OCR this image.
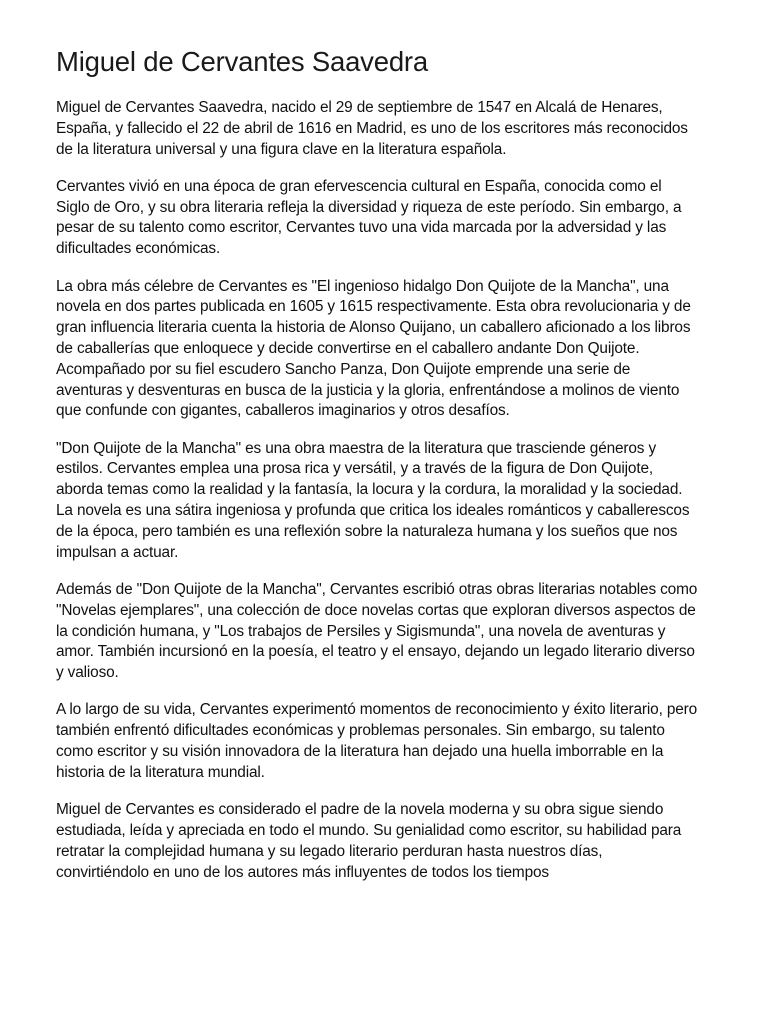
Miguel de Cervantes Saavedra

Miguel de Cervantes Saavedra, nacido el 29 de septiembre de 1547 en Alcalá de Henares, España, y fallecido el 22 de abril de 1616 en Madrid, es uno de los escritores más reconocidos de la literatura universal y una figura clave en la literatura española.

Cervantes vivió en una época de gran efervescencia cultural en España, conocida como el Siglo de Oro, y su obra literaria refleja la diversidad y riqueza de este período. Sin embargo, a pesar de su talento como escritor, Cervantes tuvo una vida marcada por la adversidad y las dificultades económicas.

La obra más célebre de Cervantes es "El ingenioso hidalgo Don Quijote de la Mancha", una novela en dos partes publicada en 1605 y 1615 respectivamente. Esta obra revolucionaria y de gran influencia literaria cuenta la historia de Alonso Quijano, un caballero aficionado a los libros de caballerías que enloquece y decide convertirse en el caballero andante Don Quijote. Acompañado por su fiel escudero Sancho Panza, Don Quijote emprende una serie de aventuras y desventuras en busca de la justicia y la gloria, enfrentándose a molinos de viento que confunde con gigantes, caballeros imaginarios y otros desafíos.

"Don Quijote de la Mancha" es una obra maestra de la literatura que trasciende géneros y estilos. Cervantes emplea una prosa rica y versátil, y a través de la figura de Don Quijote, aborda temas como la realidad y la fantasía, la locura y la cordura, la moralidad y la sociedad. La novela es una sátira ingeniosa y profunda que critica los ideales románticos y caballerescos de la época, pero también es una reflexión sobre la naturaleza humana y los sueños que nos impulsan a actuar.

Además de "Don Quijote de la Mancha", Cervantes escribió otras obras literarias notables como "Novelas ejemplares", una colección de doce novelas cortas que exploran diversos aspectos de la condición humana, y "Los trabajos de Persiles y Sigismunda", una novela de aventuras y amor. También incursionó en la poesía, el teatro y el ensayo, dejando un legado literario diverso y valioso.

A lo largo de su vida, Cervantes experimentó momentos de reconocimiento y éxito literario, pero también enfrentó dificultades económicas y problemas personales. Sin embargo, su talento como escritor y su visión innovadora de la literatura han dejado una huella imborrable en la historia de la literatura mundial.

Miguel de Cervantes es considerado el padre de la novela moderna y su obra sigue siendo estudiada, leída y apreciada en todo el mundo. Su genialidad como escritor, su habilidad para retratar la complejidad humana y su legado literario perduran hasta nuestros días, convirtiéndolo en uno de los autores más influyentes de todos los tiempos
